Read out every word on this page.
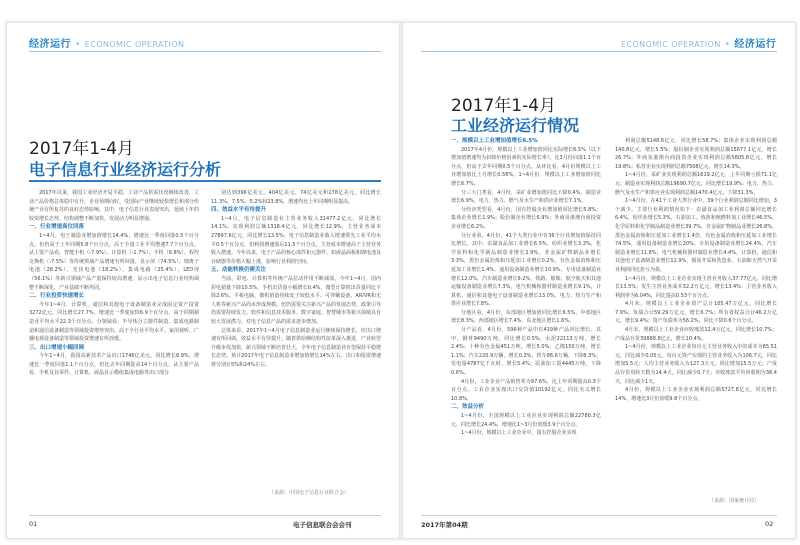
经济运行 • ECONOMIC OPERATION
2017年1-4月
电子信息行业经济运行分析

2017年以来，我国工业经济开局平稳，工业产品供需状况继续改善，工业产品价格总体稳中有升，企业预期向好。受国际产业继续较快增长和部分传统产业有所复苏的良好态势影响，其中，电子信息行业表现突出，延续上年的较快增长态势，结构调整不断加快，发展动力明显增强。

一、行业增速高位回落

1~4月，电子制造业增加值增长14.4%，增速比一季度回落0.5个百分点，但仍高于上年同期5.8个百分点，高于全国工业平均增速7.7个百分点。从主要产品看，智能手机（-7.9%）、计算机（-1.7%）、手机（9.8%）、程控交换机（-7.5%）等传统领域产品增速有所回落，显示屏（74.5%）、锂离子电池（28.2%）、光伏电池（18.2%）、集成电路（25.4%）、LED屏（56.1%）等新兴领域产品产量保持较高增速，显示出电子信息行业结构调整不断深化，产业基础不断巩固。

二、行业投资快速增长

今年1~4月，计算机、通信和其他电子设备制造业完成固定资产投资3272亿元，同比增长27.7%，增速比一季度加快6.9个百分点，高于同期制造业平均水平22.3个百分点。分领域看，半导体分立器件制造、集成电路制造和通信设备制造等领域投资增势突出。高于全行业平均水平。家用视听、广播电视设备制造等领域投资增速有所放缓。

三、出口增速小幅回调

今年1~4月，我国高新技术产品出口1746亿美元，同比增长8.9%，增速比一季度回落1.1个百分点，但比去年同期提高14个百分点。从主要产品看，手机及其零件、计算机、液晶显示模组集成电路等出口部分

别达到396亿美元、404亿美元、74亿美元和178亿美元，同比增长11.3%、7.5%、5.2%和23.8%，增速均比上年同期明显提高。

四、效益水平有待提升

1~4月，电子信息制造业主营业务收入31477.2亿元，同比增长14.1%；实现利润总额1318.4亿元，同比增长12.9%；主营业务成本27897.6亿元，同比增长13.5%；电子信息制造业收入增速领先工业平均水平0.5个百分点，但利润增速落后11.5个百分点，主营成本增速高于主营业务收入增速。今年以来，电子产品的核心部件和元器件、如液晶面板和锂电池及存储器等价格大幅上涨，影响行业利润空间。

五、动能转换仍需关注

当前，彩电、计算机等传统产品拉动作用不断减弱，今年1~4月，国内彩电销量下降10.5%，手机出货量小幅增长0.4%，微型计算机出货量同比下降2.6%。平板电脑、微机销量持续处于较低水平。可穿戴设备、AR/VR和无人机等新兴产品尚未形成规模。但仍需要关注新兴产品的发展态势，政策引导仍需要持续发力。软件和信息技术服务、数字家庭、智慧城市等新兴领域具有较大发展潜力，对电子信息产品的需求逐步增加。

总体来看，2017年1~4月电子信息制造业运行继续保持增长，但出口增速有所回调，效益水平有待提升。随着供给侧结构性改革深入推进，产业转型升级步伐加快，新兴领域不断培育壮大，全年电子信息制造业有望保持平稳增长态势。预计2017年电子信息制造业增加值增长14%左右，出口和投资增速将分别在5%和24%左右。

（来源：中国电子信息行业联合会）
01	电子信息联合会会刊
ECONOMIC OPERATION • 经济运行
2017年1-4月
工业经济运行情况

一、规模以上工业增加值增长6.5%

2017年4月份，规模以上工业增加值同比实际增长6.5%（以下增加值增速均为扣除价格因素的实际增长率）。比3月份回落1.1个百分点，但高于去年同期0.5个百分点。从环比看，4月份规模以上工业增加值比上月增长0.56%。1~4月份，规模以上工业增加值同比增长6.7%。

分三大门类看，4月份，采矿业增加值同比下降0.4%，制造业增长6.9%，电力、热力、燃气及水生产和供应业增长7.1%。

分经济类型看，4月份，国有控股企业增加值同比增长5.8%；集体企业增长1.9%；股份制企业增长6.9%；外商及港澳台商投资企业增长6.2%。

分行业看，4月份，41个大类行业中有36个行业增加值保持同比增长。其中，农副食品加工业增长6.5%，纺织业增长3.3%，化学原料和化学制品制造业增长2.9%，非金属矿物制品业增长3.3%，黑色金属冶炼和压延加工业增长0.2%，有色金属冶炼和压延加工业增长1.4%，通用设备制造业增长10.9%，专用设备制造业增长12.0%，汽车制造业增长9.2%，铁路、船舶、航空航天和其他运输设备制造业增长7.3%，电气机械和器材制造业增长9.1%，计算机、通信和其他电子设备制造业增长13.0%，电力、热力生产和供应业增长7.8%。

分地区看，4月份，东部地区增加值同比增长6.5%，中部地区增长8.3%，西部地区增长7.4%，东北地区增长1.6%。

分产品看，4月份，596种产品中有419种产品同比增长。其中，钢材9490万吨，同比增长0.5%；水泥22113万吨，增长2.4%；十种有色金属451万吨，增长5.0%；乙烯150万吨，增长1.1%；汽车220.9万辆，增长0.3%，轿车86.6万辆，下降8.3%；发电量4787亿千瓦时，增长5.4%；原油加工量4445万吨，下降0.6%。

4月份，工业企业产品销售率为97.6%，比上年同期提高0.3个百分点。工业企业实现出口交货值10192亿元，同比名义增长10.8%。

二、效益分析

1~4月份，全国规模以上工业企业实现利润总额22780.3亿元，同比增长24.4%，增速比1~3月份放缓3.9个百分点。

1~4月份，规模以上工业企业中，国有控股企业实现

利润总额5148.6亿元，同比增长58.7%；集体企业实现利润总额140.8亿元，增长5.5%；股份制企业实现利润总额15677.1亿元，增长26.7%；外商及港澳台商投资企业实现利润总额5605.8亿元，增长19.8%；私营企业实现利润总额7508亿元，增长14.3%。

1~4月份，采矿业实现利润总额1619.2亿元，上年同期亏损71.1亿元；制造业实现利润总额19690.7亿元，同比增长19.9%；电力、热力、燃气及水生产和供应业实现利润总额1470.4亿元，下降31.3%。

1~4月份，在41个工业大类行业中，39个行业利润总额同比增加，3个减少。主要行业利润情况如下：农副食品加工业利润总额同比增长6.4%，纺织业增长5.3%，石油加工、炼焦和核燃料加工业增长46.5%，化学原料和化学制品制造业增长39.7%，非金属矿物制品业增长26.8%，黑色金属冶炼和压延加工业增长1.4倍，有色金属冶炼和压延加工业增长74.5%，通用设备制造业增长20%，专用设备制造业增长24.4%，汽车制造业增长11.8%，电气机械和器材制造业增长4.4%，计算机、通信和其他电子设备制造业增长12.9%，煤炭开采和洗选业、石油和天然气开采业利润同比扭亏为盈。

1~4月份，规模以上工业企业实现主营业务收入37.77亿元，同比增长13.5%；发生主营业务成本32.2万亿元，增长13.4%；主营业务收入利润率为6.04%，同比提高0.53个百分点。

4月末，规模以上工业企业资产总计105.47万亿元，同比增长7.9%；负债合计59.29万亿元，增长6.7%；所有者权益合计46.2万亿元，增长9.4%；资产负债率为56.2%，同比下降0.6个百分点。

4月末，规模以上工业企业应收账款12.4万亿元，同比增长10.7%；产成品存货39888.8亿元，增长10.4%。

1~4月份，规模以上工业企业每百元主营业务收入中的成本为85.51元，同比减少0.05元。每百元资产实现的主营业务收入为106.7元，同比增加5.5元；人均主营业务收入为127.3万元，同比增加15.5万元；产成品存货周转天数为14.4天，同比减少0.7天；应收账款平均回收期为38.4天，同比减少1天。

4月份，规模以上工业企业实现利润总额5727.8亿元，同比增长14%，增速比3月份放缓9.8个百分点。

（来源：国家统计局）
2017年第04期	02
